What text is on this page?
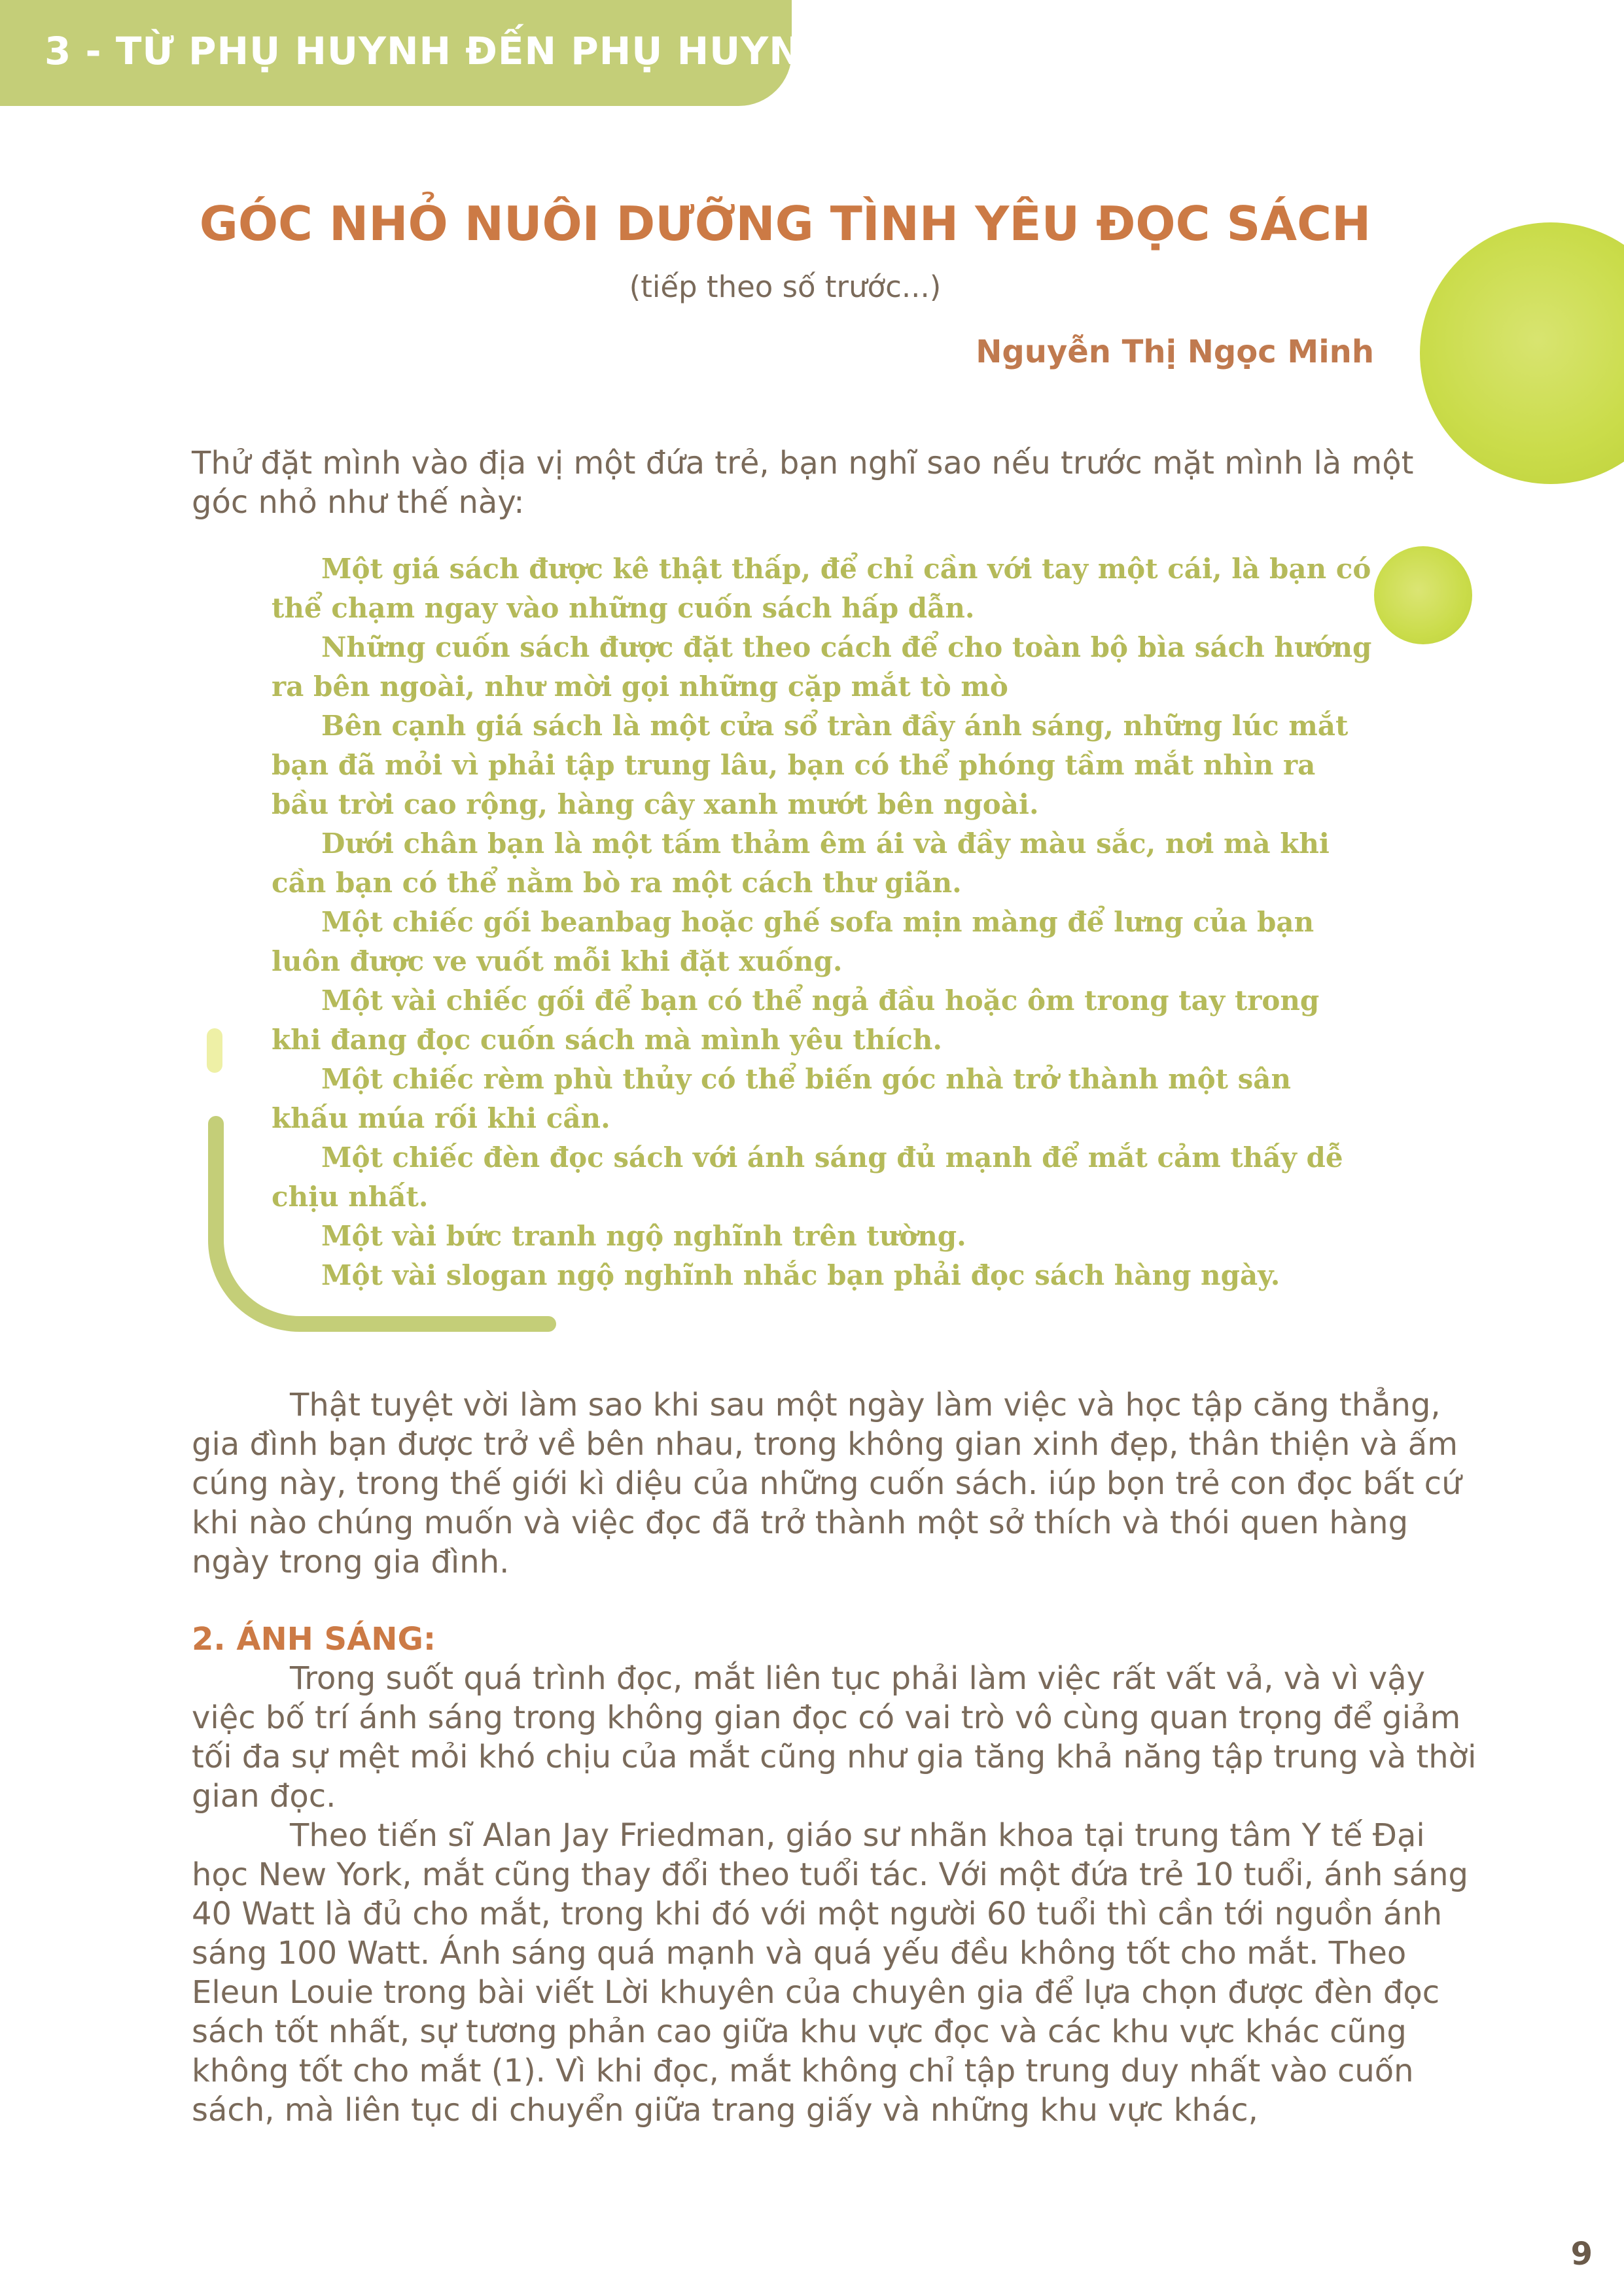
3 - TỪ PHỤ HUYNH ĐẾN PHỤ HUYNH
GÓC NHỎ NUÔI DƯỠNG TÌNH YÊU ĐỌC SÁCH
(tiếp theo số trước...)
Nguyễn Thị Ngọc Minh

Thử đặt mình vào địa vị một đứa trẻ, bạn nghĩ sao nếu trước mặt mình là một góc nhỏ như thế này:

Một giá sách được kê thật thấp, để chỉ cần với tay một cái, là bạn có thể chạm ngay vào những cuốn sách hấp dẫn.

Những cuốn sách được đặt theo cách để cho toàn bộ bìa sách hướng ra bên ngoài, như mời gọi những cặp mắt tò mò

Bên cạnh giá sách là một cửa sổ tràn đầy ánh sáng, những lúc mắt bạn đã mỏi vì phải tập trung lâu, bạn có thể phóng tầm mắt nhìn ra bầu trời cao rộng, hàng cây xanh mướt bên ngoài.

Dưới chân bạn là một tấm thảm êm ái và đầy màu sắc, nơi mà khi cần bạn có thể nằm bò ra một cách thư giãn.

Một chiếc gối beanbag hoặc ghế sofa mịn màng để lưng của bạn luôn được ve vuốt mỗi khi đặt xuống.

Một vài chiếc gối để bạn có thể ngả đầu hoặc ôm trong tay trong khi đang đọc cuốn sách mà mình yêu thích.

Một chiếc rèm phù thủy có thể biến góc nhà trở thành một sân khấu múa rối khi cần.

Một chiếc đèn đọc sách với ánh sáng đủ mạnh để mắt cảm thấy dễ chịu nhất.

Một vài bức tranh ngộ nghĩnh trên tường.

Một vài slogan ngộ nghĩnh nhắc bạn phải đọc sách hàng ngày.

Thật tuyệt vời làm sao khi sau một ngày làm việc và học tập căng thẳng, gia đình bạn được trở về bên nhau, trong không gian xinh đẹp, thân thiện và ấm cúng này, trong thế giới kì diệu của những cuốn sách. iúp bọn trẻ con đọc bất cứ khi nào chúng muốn và việc đọc đã trở thành một sở thích và thói quen hàng ngày trong gia đình.

2. ÁNH SÁNG:

Trong suốt quá trình đọc, mắt liên tục phải làm việc rất vất vả, và vì vậy việc bố trí ánh sáng trong không gian đọc có vai trò vô cùng quan trọng để giảm tối đa sự mệt mỏi khó chịu của mắt cũng như gia tăng khả năng tập trung và thời gian đọc.

Theo tiến sĩ Alan Jay Friedman, giáo sư nhãn khoa tại trung tâm Y tế Đại học New York, mắt cũng thay đổi theo tuổi tác. Với một đứa trẻ 10 tuổi, ánh sáng 40 Watt là đủ cho mắt, trong khi đó với một người 60 tuổi thì cần tới nguồn ánh sáng 100 Watt. Ánh sáng quá mạnh và quá yếu đều không tốt cho mắt. Theo Eleun Louie trong bài viết Lời khuyên của chuyên gia để lựa chọn được đèn đọc sách tốt nhất, sự tương phản cao giữa khu vực đọc và các khu vực khác cũng không tốt cho mắt (1). Vì khi đọc, mắt không chỉ tập trung duy nhất vào cuốn sách, mà liên tục di chuyển giữa trang giấy và những khu vực khác,

9
